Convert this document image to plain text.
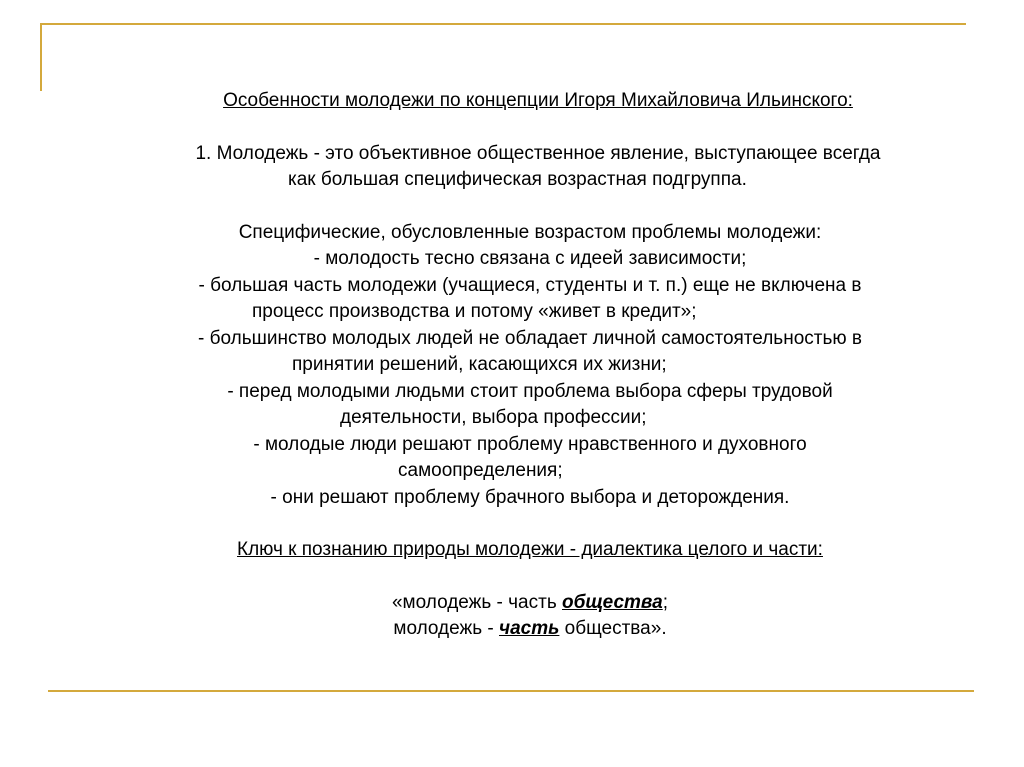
Особенности молодежи по концепции Игоря Михайловича Ильинского:
1. Молодежь - это объективное общественное явление, выступающее всегда
как большая специфическая возрастная подгруппа.
Специфические, обусловленные возрастом проблемы молодежи:
- молодость тесно связана с идеей зависимости;
- большая часть молодежи (учащиеся, студенты и т. п.) еще не включена в
процесс производства и потому «живет в кредит»;
- большинство молодых людей не обладает личной самостоятельностью в
принятии решений, касающихся их жизни;
- перед молодыми людьми стоит проблема выбора сферы трудовой
деятельности, выбора профессии;
- молодые люди решают проблему нравственного и духовного
самоопределения;
- они решают проблему брачного выбора и деторождения.
Ключ к познанию природы молодежи - диалектика целого и части:
«молодежь - часть общества;
молодежь - часть общества».
